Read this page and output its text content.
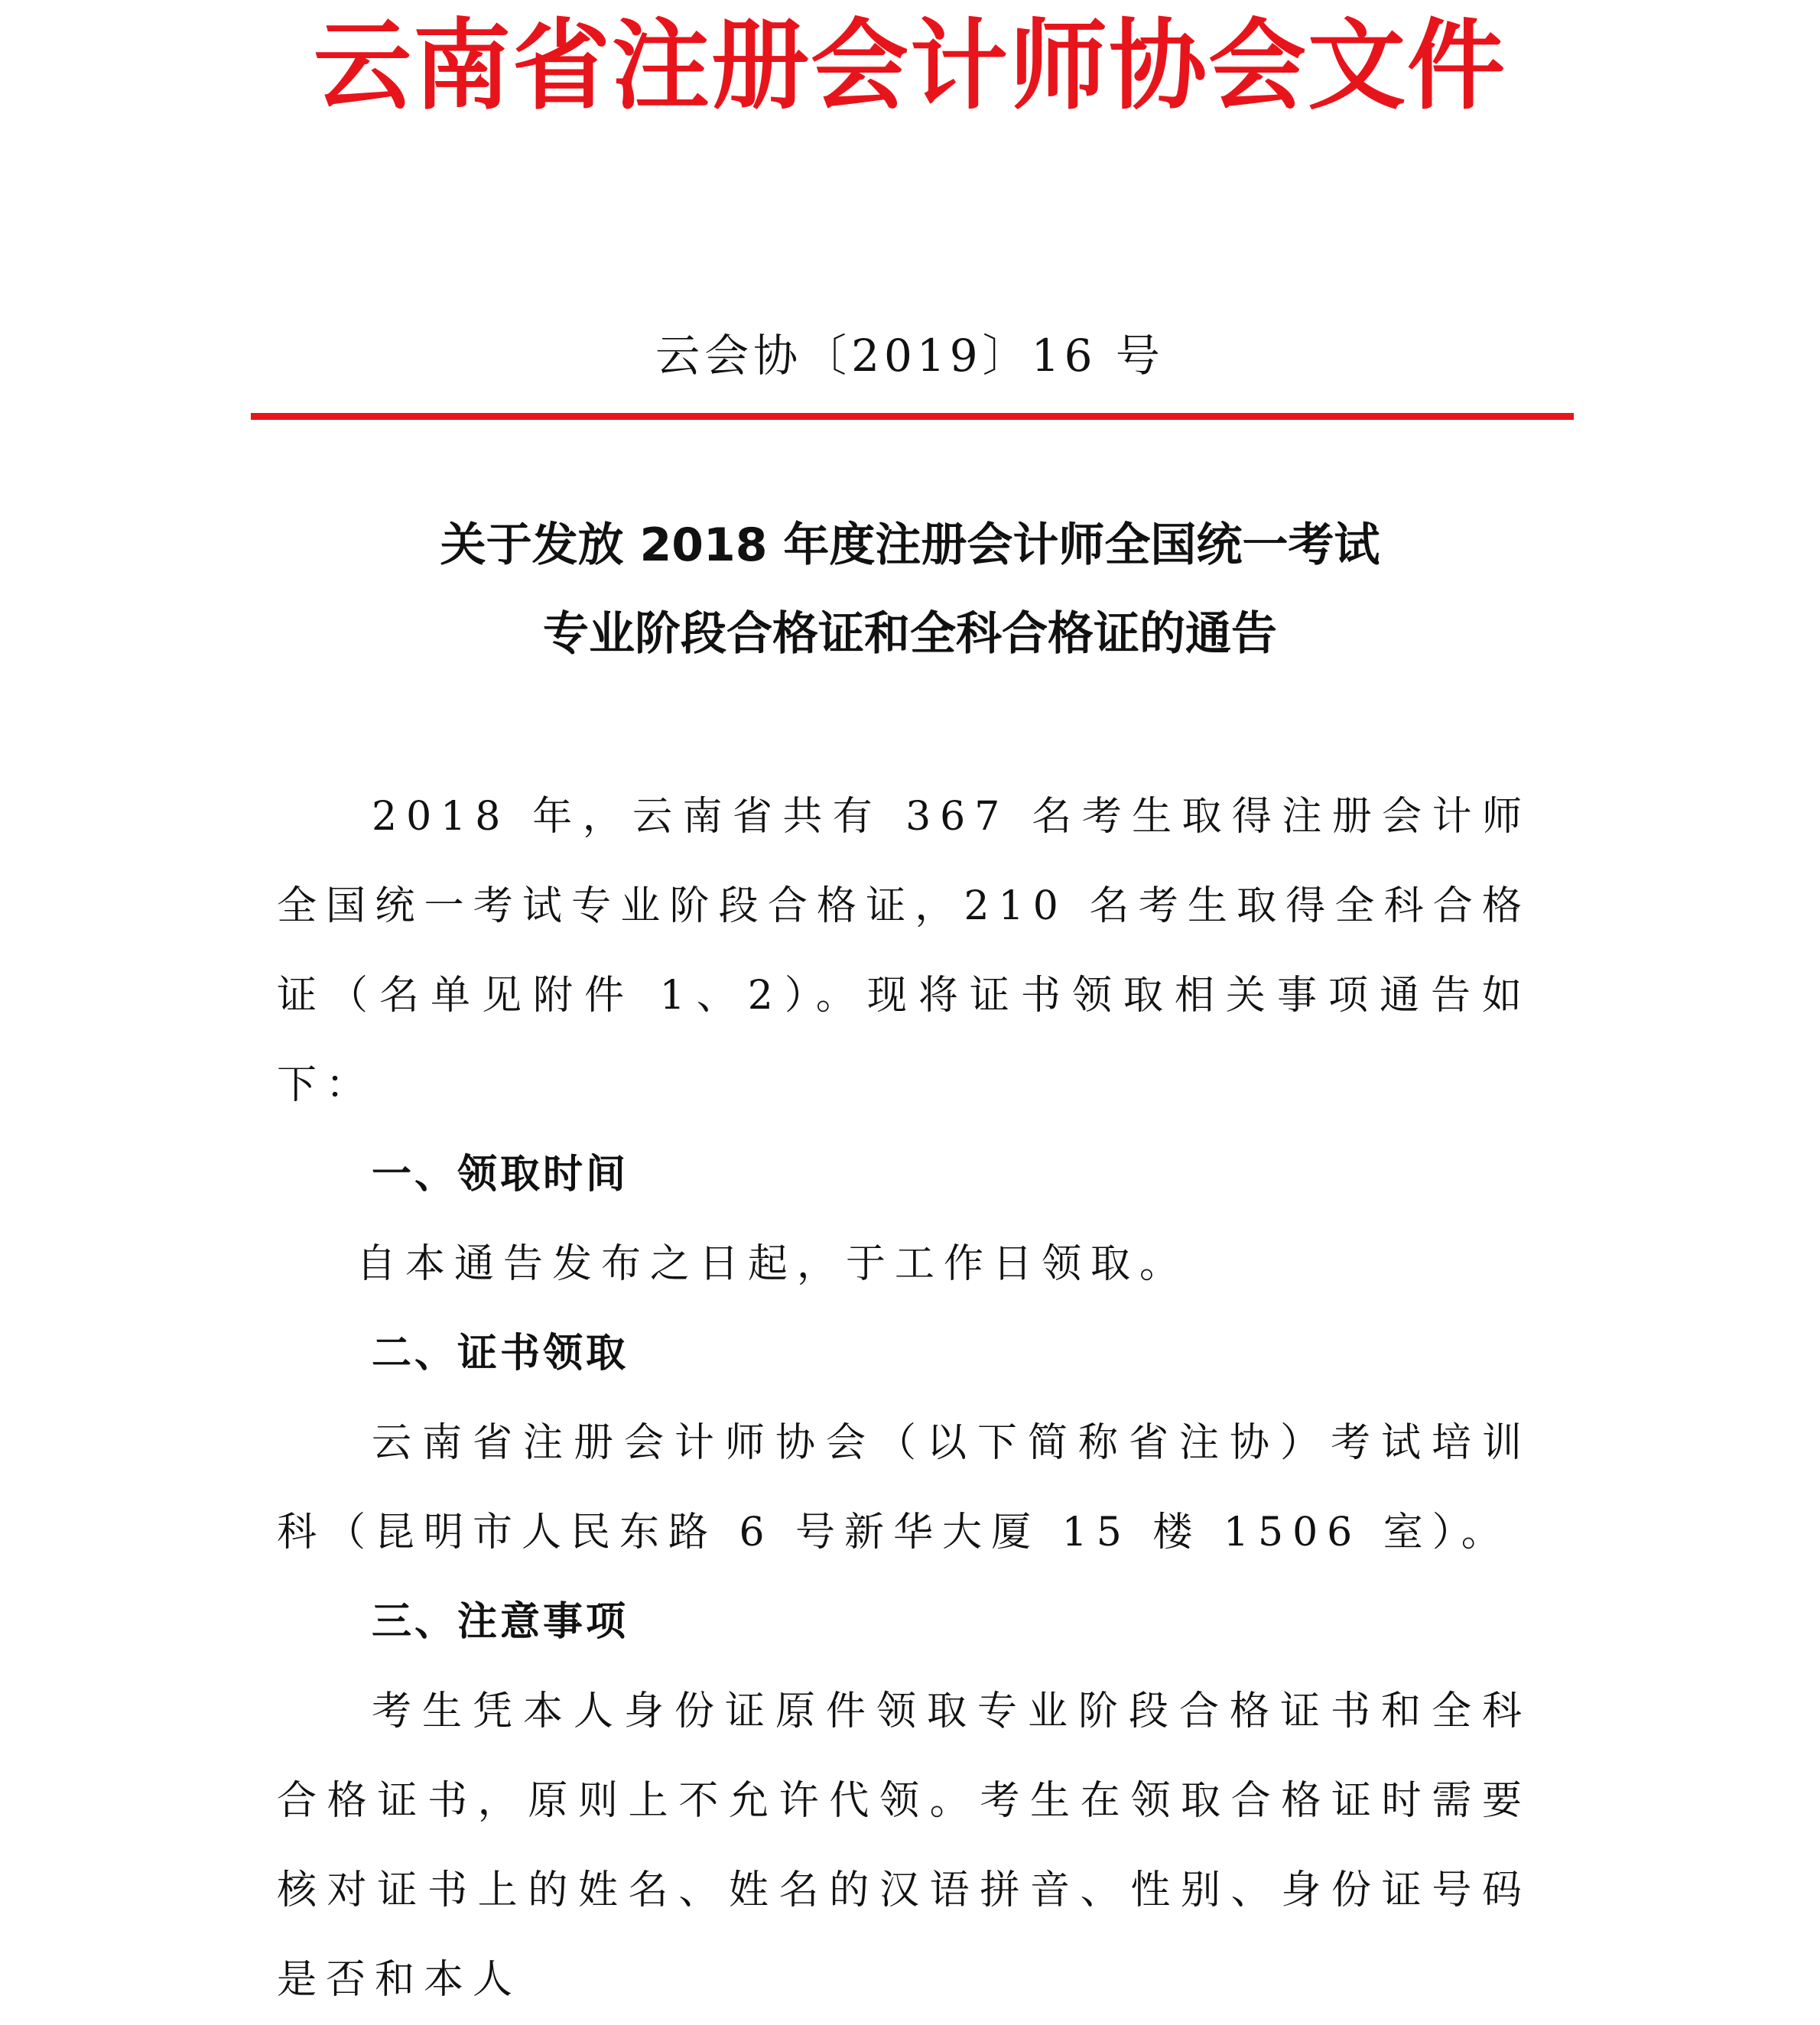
云南省注册会计师协会文件
云会协〔2019〕16 号
关于发放 2018 年度注册会计师全国统一考试
专业阶段合格证和全科合格证的通告

2018 年，云南省共有 367 名考生取得注册会计师全国统一考试专业阶段合格证，210 名考生取得全科合格证（名单见附件 1、2）。现将证书领取相关事项通告如下：

一、领取时间

自本通告发布之日起，于工作日领取。

二、证书领取

云南省注册会计师协会（以下简称省注协）考试培训科（昆明市人民东路 6 号新华大厦 15 楼 1506 室）。

三、注意事项

考生凭本人身份证原件领取专业阶段合格证书和全科合格证书，原则上不允许代领。考生在领取合格证时需要核对证书上的姓名、姓名的汉语拼音、性别、身份证号码是否和本人
